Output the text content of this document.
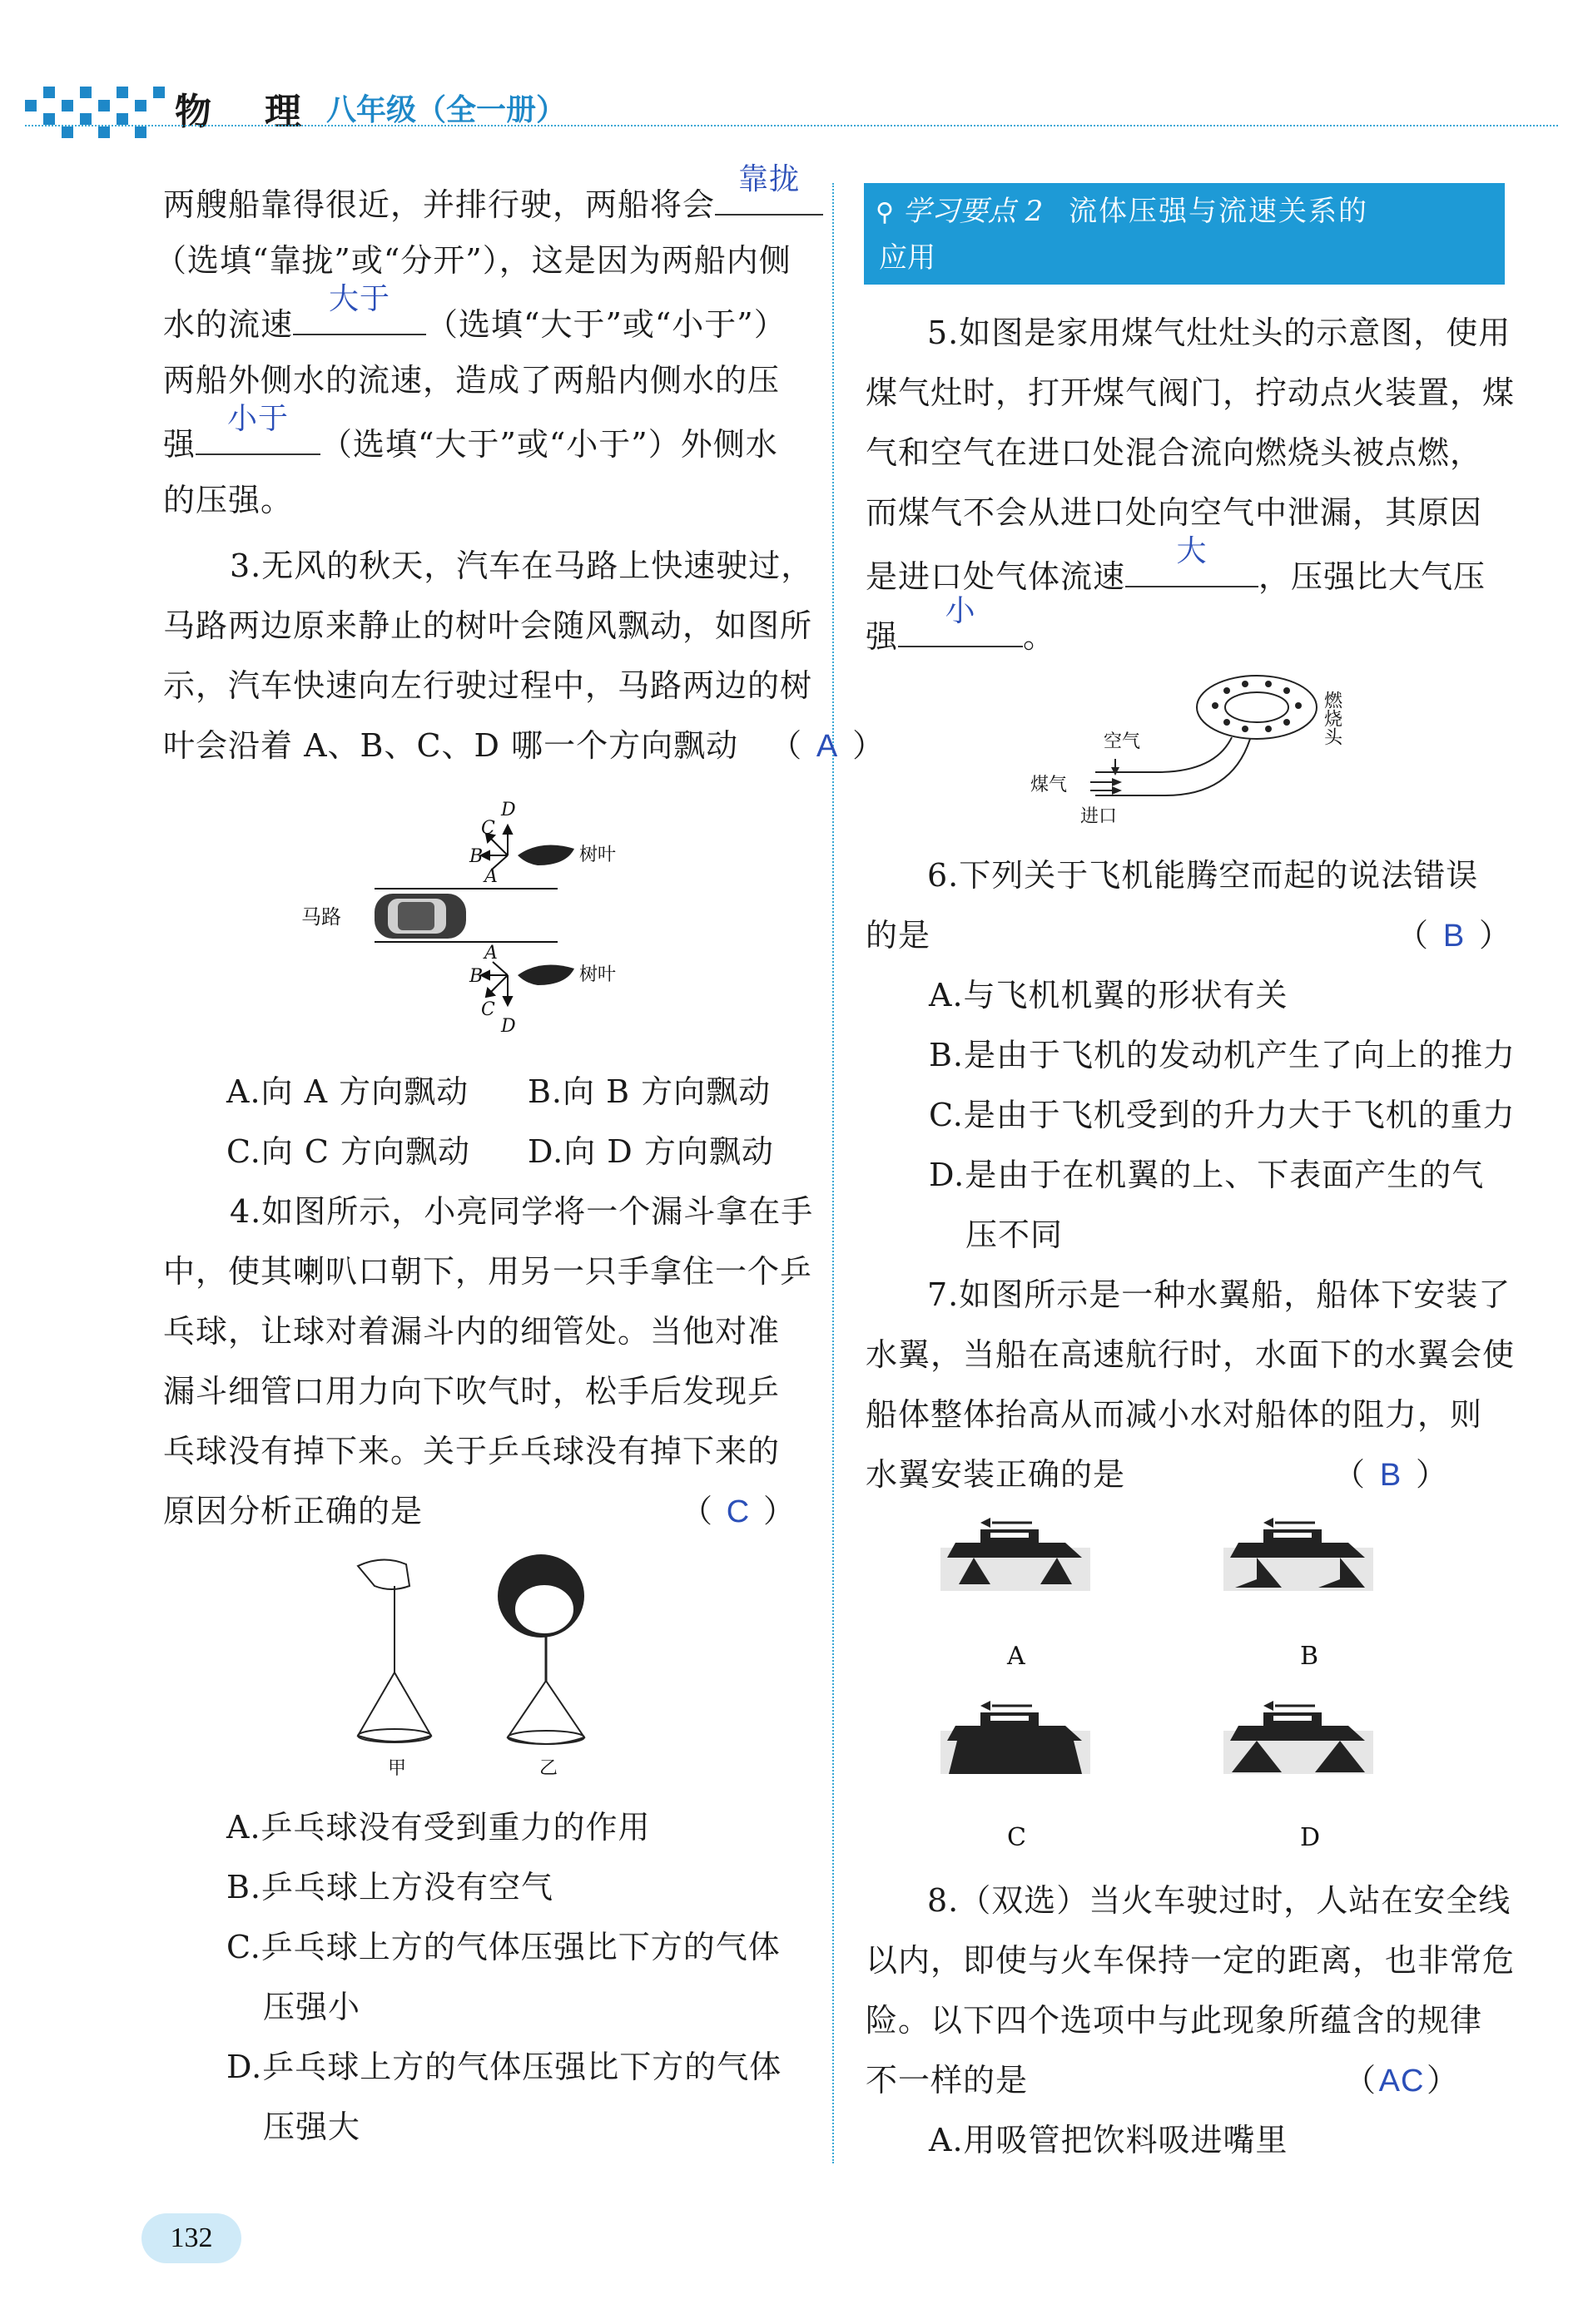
物　理 八年级（全一册）
两艘船靠得很近，并排行驶，两船将会
靠拢
（选填“靠拢”或“分开”），这是因为两船内侧
水的流速
大于
（选填“大于”或“小于”）
两船外侧水的流速，造成了两船内侧水的压
强
小于
（选填“大于”或“小于”）外侧水
的压强。
3.无风的秋天，汽车在马路上快速驶过，
马路两边原来静止的树叶会随风飘动，如图所
示，汽车快速向左行驶过程中，马路两边的树
叶会沿着 A、B、C、D 哪一个方向飘动 （ A ）
马路
树叶
树叶
D
C
B
A
A
B
C
D
A.向 A 方向飘动 B.向 B 方向飘动
C.向 C 方向飘动 D.向 D 方向飘动
4.如图所示，小亮同学将一个漏斗拿在手
中，使其喇叭口朝下，用另一只手拿住一个乒
乓球，让球对着漏斗内的细管处。当他对准
漏斗细管口用力向下吹气时，松手后发现乒
乓球没有掉下来。关于乒乓球没有掉下来的
原因分析正确的是	（ C ）
甲	乙
A.乒乓球没有受到重力的作用
B.乒乓球上方没有空气
C.乒乓球上方的气体压强比下方的气体
压强小
D.乒乓球上方的气体压强比下方的气体
压强大
⚲ 学习要点 2 流体压强与流速关系的
应用
5.如图是家用煤气灶灶头的示意图，使用
煤气灶时，打开煤气阀门，拧动点火装置，煤
气和空气在进口处混合流向燃烧头被点燃，
而煤气不会从进口处向空气中泄漏，其原因
是进口处气体流速
大
，压强比大气压
强
小
。
空气
煤气
进口
燃烧头
6.下列关于飞机能腾空而起的说法错误
的是	（ B ）
A.与飞机机翼的形状有关
B.是由于飞机的发动机产生了向上的推力
C.是由于飞机受到的升力大于飞机的重力
D.是由于在机翼的上、下表面产生的气
压不同
7.如图所示是一种水翼船，船体下安装了
水翼，当船在高速航行时，水面下的水翼会使
船体整体抬高从而减小水对船体的阻力，则
水翼安装正确的是	（ B ）
A	B
C	D
8.（双选）当火车驶过时，人站在安全线
以内，即使与火车保持一定的距离，也非常危
险。以下四个选项中与此现象所蕴含的规律
不一样的是	（AC）
A.用吸管把饮料吸进嘴里
132
